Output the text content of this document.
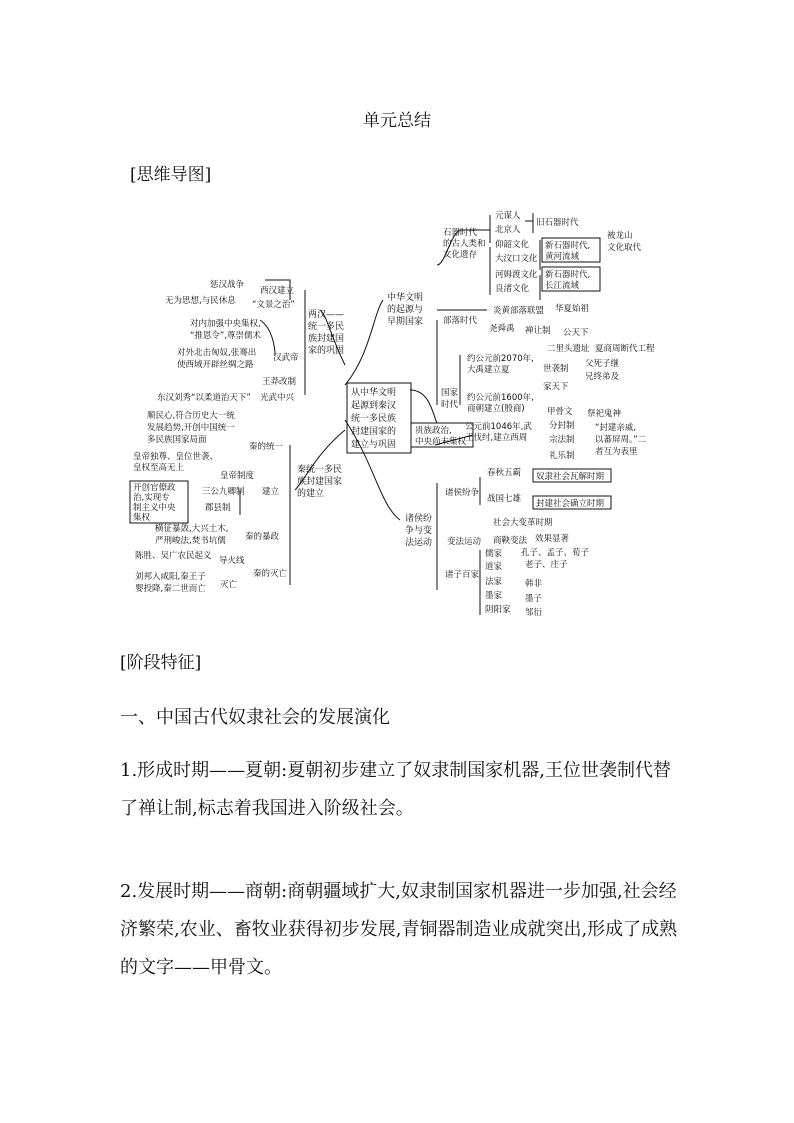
单元总结
[思维导图]
从中华文明
起源到秦汉
统一多民族
封建国家的
建立与巩固
中华文明
的起源与
早期国家
石器时代
的古人类和
文化遗存
元谋人
北京人
旧石器时代
仰韶文化
大汶口文化
新石器时代,
黄河流域
被龙山
文化取代
河姆渡文化
良渚文化
新石器时代,
长江流域
部落时代
炎黄部落联盟 华夏始祖
尧舜禹 禅让制 公天下
国家
时代
约公元前2070年,
大禹建立夏
二里头遗址 夏商周断代工程
世袭制 父死子继
兄终弟及
家天下
约公元前1600年,
商朝建立(殷商)	甲骨文 祭祀鬼神
公元前1046年,武
王伐纣,建立西周
分封制
宗法制
礼乐制
“封建亲戚,
以蕃屏周。”二
者互为表里
贵族政治,
中央尚未集权
诸侯纷
争与变
法运动
诸侯纷争
春秋五霸 奴隶社会瓦解时期
战国七雄 封建社会确立时期
社会大变革时期
变法运动 商鞅变法 效果显著
诸子百家
儒家 孔子、孟子、荀子
道家	老子、庄子
法家	韩非
墨家	墨子
阴阳家 邹衍
两汉——
统一多民
族封建国
家的巩固
惩汉战争
西汉建立
无为思想,与民休息 “文景之治”
对内加强中央集权,
“推恩令”,尊崇儒术
对外北击匈奴,张骞出
使西域开辟丝绸之路
汉武帝
王莽改制
东汉刘秀“以柔道治天下” 光武中兴
秦统一多民
族封建国家
的建立
顺民心,符合历史大一统
发展趋势,开创中国统一
多民族国家局面
秦的统一
皇帝独尊、皇位世袭、
皇权至高无上
皇帝制度
开创官僚政
治,实现专
制主义中央
集权
三公九卿制 建立
郡县制
横征暴敛,大兴土木,
严刑峻法,焚书坑儒 秦的暴政
陈胜、吴广农民起义 导火线
秦的灭亡
刘邦入咸阳,秦王子
婴投降,秦二世而亡 灭亡
[阶段特征]
一、中国古代奴隶社会的发展演化

1.形成时期——夏朝:夏朝初步建立了奴隶制国家机器,王位世袭制代替了禅让制,标志着我国进入阶级社会。

2.发展时期——商朝:商朝疆域扩大,奴隶制国家机器进一步加强,社会经济繁荣,农业、畜牧业获得初步发展,青铜器制造业成就突出,形成了成熟的文字——甲骨文。
